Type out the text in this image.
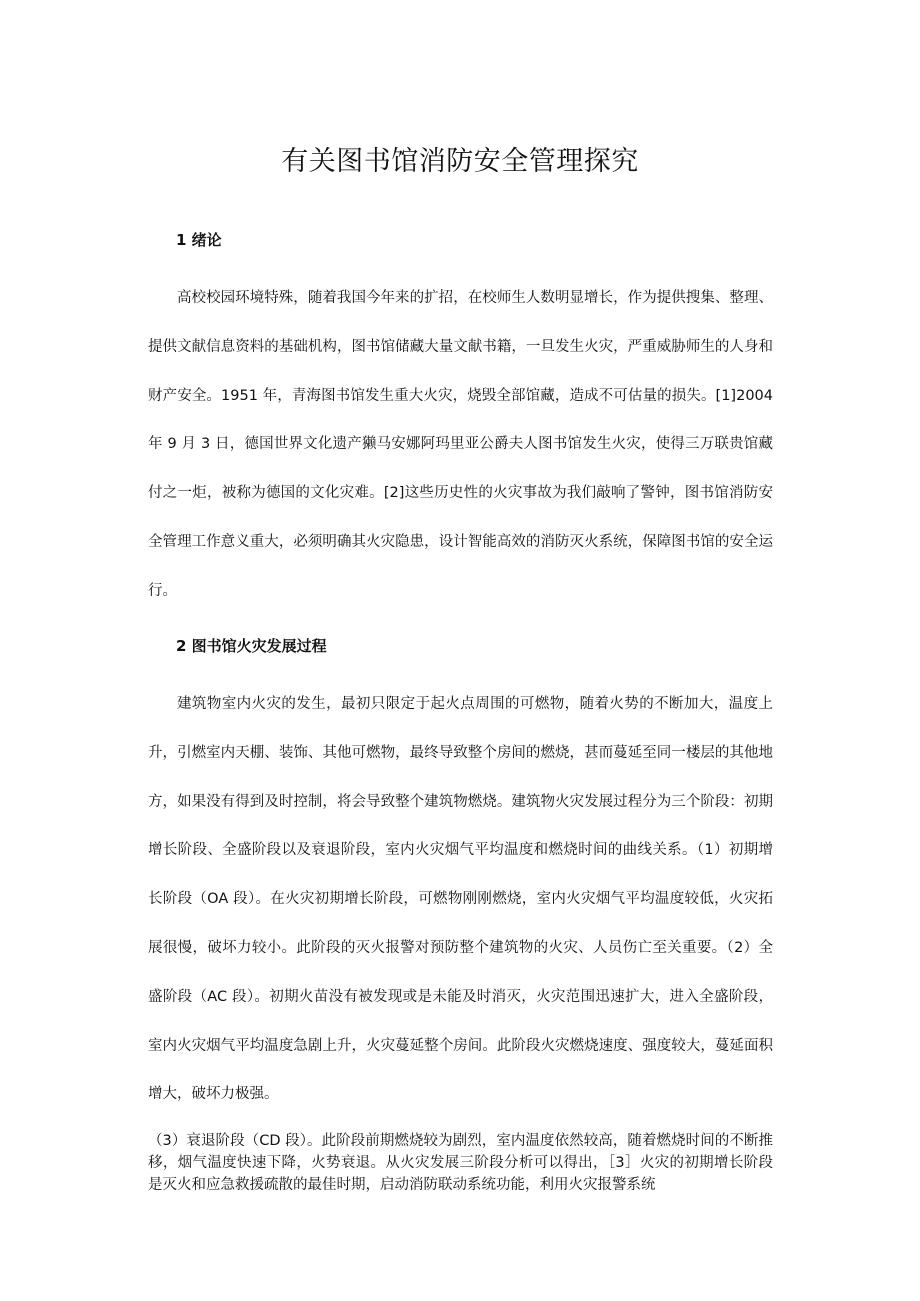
有关图书馆消防安全管理探究
1 绪论

高校校园环境特殊，随着我国今年来的扩招，在校师生人数明显增长，作为提供搜集、整理、提供文献信息资料的基础机构，图书馆储藏大量文献书籍，一旦发生火灾，严重威胁师生的人身和财产安全。1951 年，青海图书馆发生重大火灾，烧毁全部馆藏，造成不可估量的损失。[1]2004 年 9 月 3 日，德国世界文化遗产獭马安娜阿玛里亚公爵夫人图书馆发生火灾，使得三万联贵馆藏付之一炬，被称为德国的文化灾难。[2]这些历史性的火灾事故为我们敲响了警钟，图书馆消防安全管理工作意义重大，必须明确其火灾隐患，设计智能高效的消防灭火系统，保障图书馆的安全运行。

2 图书馆火灾发展过程

建筑物室内火灾的发生，最初只限定于起火点周围的可燃物，随着火势的不断加大，温度上升，引燃室内天棚、装饰、其他可燃物，最终导致整个房间的燃烧，甚而蔓延至同一楼层的其他地方，如果没有得到及时控制，将会导致整个建筑物燃烧。建筑物火灾发展过程分为三个阶段：初期增长阶段、全盛阶段以及衰退阶段，室内火灾烟气平均温度和燃烧时间的曲线关系。（1）初期增长阶段（OA 段）。在火灾初期增长阶段，可燃物刚刚燃烧，室内火灾烟气平均温度较低，火灾拓展很慢，破坏力较小。此阶段的灭火报警对预防整个建筑物的火灾、人员伤亡至关重要。（2）全盛阶段（AC 段）。初期火苗没有被发现或是未能及时消灭，火灾范围迅速扩大，进入全盛阶段，室内火灾烟气平均温度急剧上升，火灾蔓延整个房间。此阶段火灾燃烧速度、强度较大，蔓延面积增大，破坏力极强。

（3）衰退阶段（CD 段）。此阶段前期燃烧较为剧烈，室内温度依然较高，随着燃烧时间的不断推移，烟气温度快速下降，火势衰退。从火灾发展三阶段分析可以得出，［3］火灾的初期增长阶段是灭火和应急救援疏散的最佳时期，启动消防联动系统功能，利用火灾报警系统
